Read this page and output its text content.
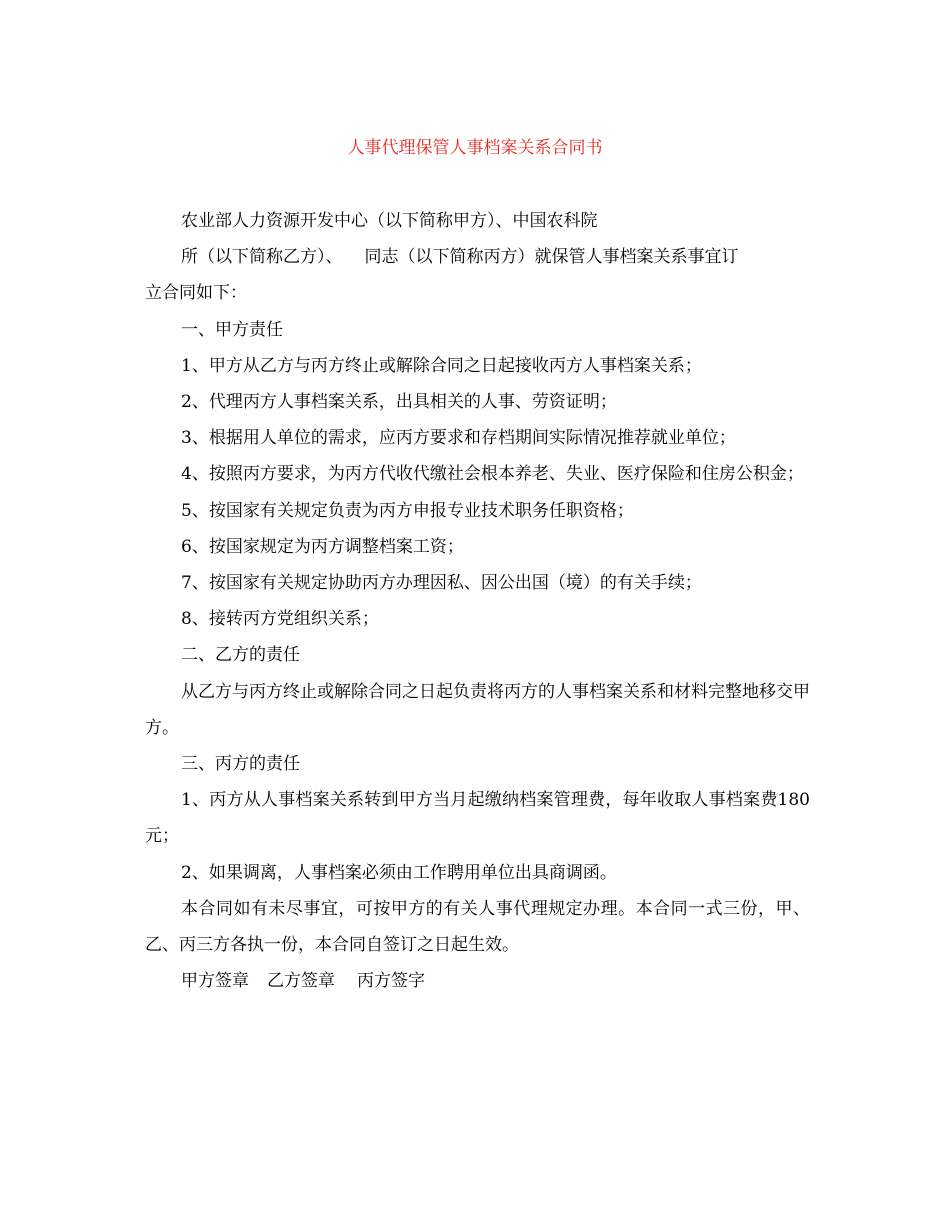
人事代理保管人事档案关系合同书
农业部人力资源开发中心（以下简称甲方）、中国农科院
所（以下简称乙方）、 同志（以下简称丙方）就保管人事档案关系事宜订
立合同如下：

一、甲方责任

1、甲方从乙方与丙方终止或解除合同之日起接收丙方人事档案关系；

2、代理丙方人事档案关系，出具相关的人事、劳资证明；

3、根据用人单位的需求，应丙方要求和存档期间实际情况推荐就业单位；

4、按照丙方要求，为丙方代收代缴社会根本养老、失业、医疗保险和住房公积金；

5、按国家有关规定负责为丙方申报专业技术职务任职资格；

6、按国家规定为丙方调整档案工资；

7、按国家有关规定协助丙方办理因私、因公出国（境）的有关手续；

8、接转丙方党组织关系；

二、乙方的责任

从乙方与丙方终止或解除合同之日起负责将丙方的人事档案关系和材料完整地移交甲方。

三、丙方的责任

1、丙方从人事档案关系转到甲方当月起缴纳档案管理费，每年收取人事档案费180元；

2、如果调离，人事档案必须由工作聘用单位出具商调函。

本合同如有未尽事宜，可按甲方的有关人事代理规定办理。本合同一式三份，甲、乙、丙三方各执一份，本合同自签订之日起生效。

甲方签章 乙方签章 丙方签字
